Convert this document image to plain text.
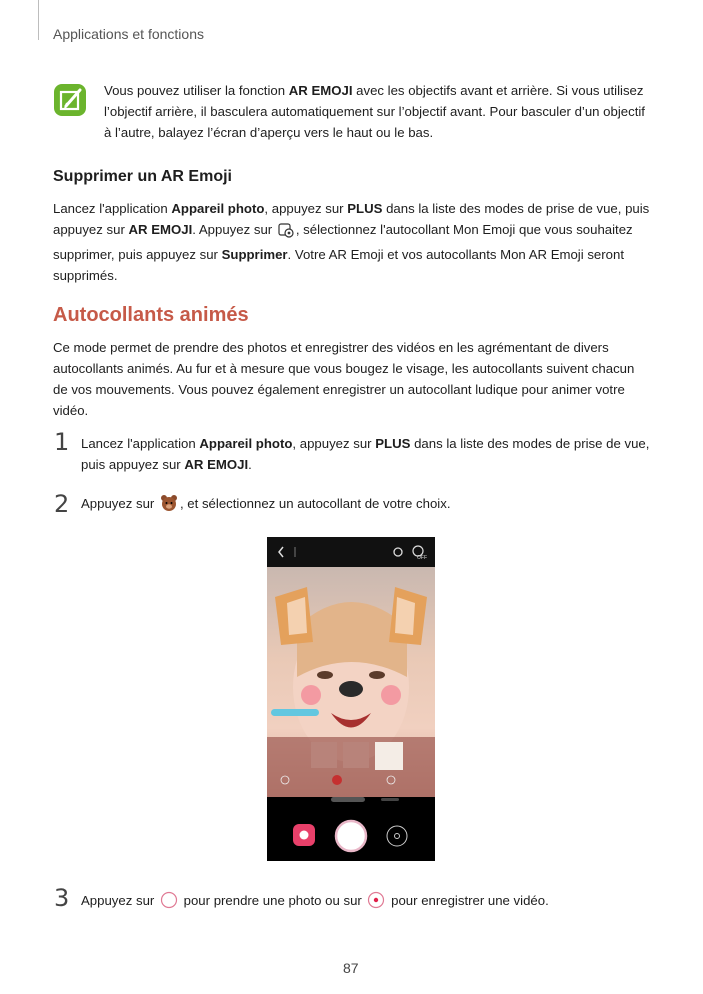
Applications et fonctions
Vous pouvez utiliser la fonction AR EMOJI avec les objectifs avant et arrière. Si vous utilisez l’objectif arrière, il basculera automatiquement sur l’objectif avant. Pour basculer d’un objectif à l’autre, balayez l’écran d’aperçu vers le haut ou le bas.
Supprimer un AR Emoji

Lancez l'application Appareil photo, appuyez sur PLUS dans la liste des modes de prise de vue, puis appuyez sur AR EMOJI. Appuyez sur , sélectionnez l'autocollant Mon Emoji que vous souhaitez supprimer, puis appuyez sur Supprimer. Votre AR Emoji et vos autocollants Mon AR Emoji seront supprimés.

Autocollants animés

Ce mode permet de prendre des photos et enregistrer des vidéos en les agrémentant de divers autocollants animés. Au fur et à mesure que vous bougez le visage, les autocollants suivent chacun de vos mouvements. Vous pouvez également enregistrer un autocollant ludique pour animer votre vidéo.

1 Lancez l'application Appareil photo, appuyez sur PLUS dans la liste des modes de prise de vue, puis appuyez sur AR EMOJI.
2 Appuyez sur , et sélectionnez un autocollant de votre choix.
OFF
3 Appuyez sur  pour prendre une photo ou sur  pour enregistrer une vidéo.
87
